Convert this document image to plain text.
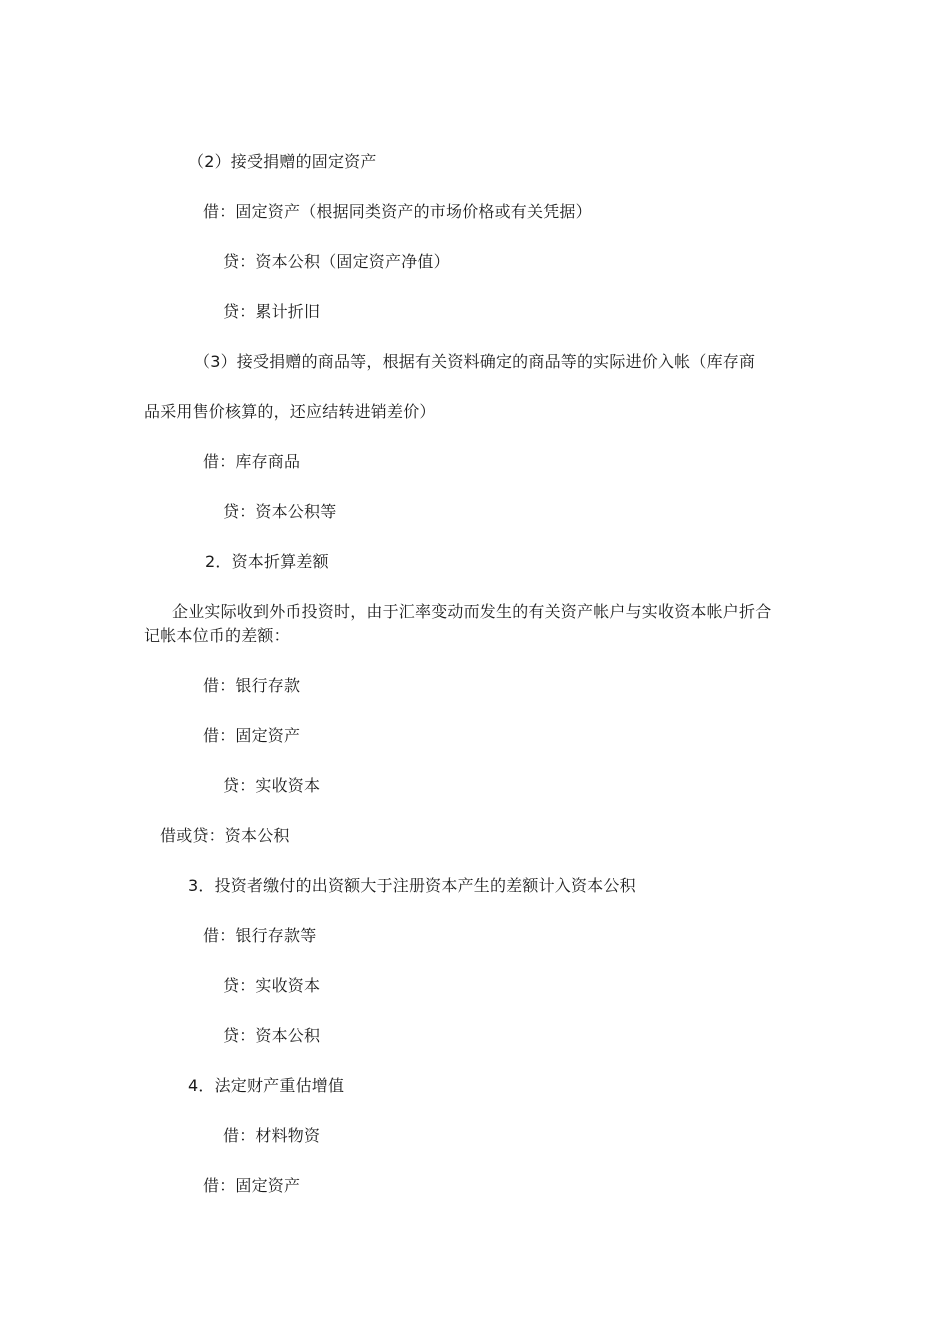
（2）接受捐赠的固定资产
借：固定资产（根据同类资产的市场价格或有关凭据）
贷：资本公积（固定资产净值）
贷：累计折旧
（3）接受捐赠的商品等，根据有关资料确定的商品等的实际进价入帐（库存商
品采用售价核算的，还应结转进销差价）
借：库存商品
贷：资本公积等
2．资本折算差额
企业实际收到外币投资时，由于汇率变动而发生的有关资产帐户与实收资本帐户折合
记帐本位币的差额：
借：银行存款
借：固定资产
贷：实收资本
借或贷：资本公积
3．投资者缴付的出资额大于注册资本产生的差额计入资本公积
借：银行存款等
贷：实收资本
贷：资本公积
4．法定财产重估增值
借：材料物资
借：固定资产
